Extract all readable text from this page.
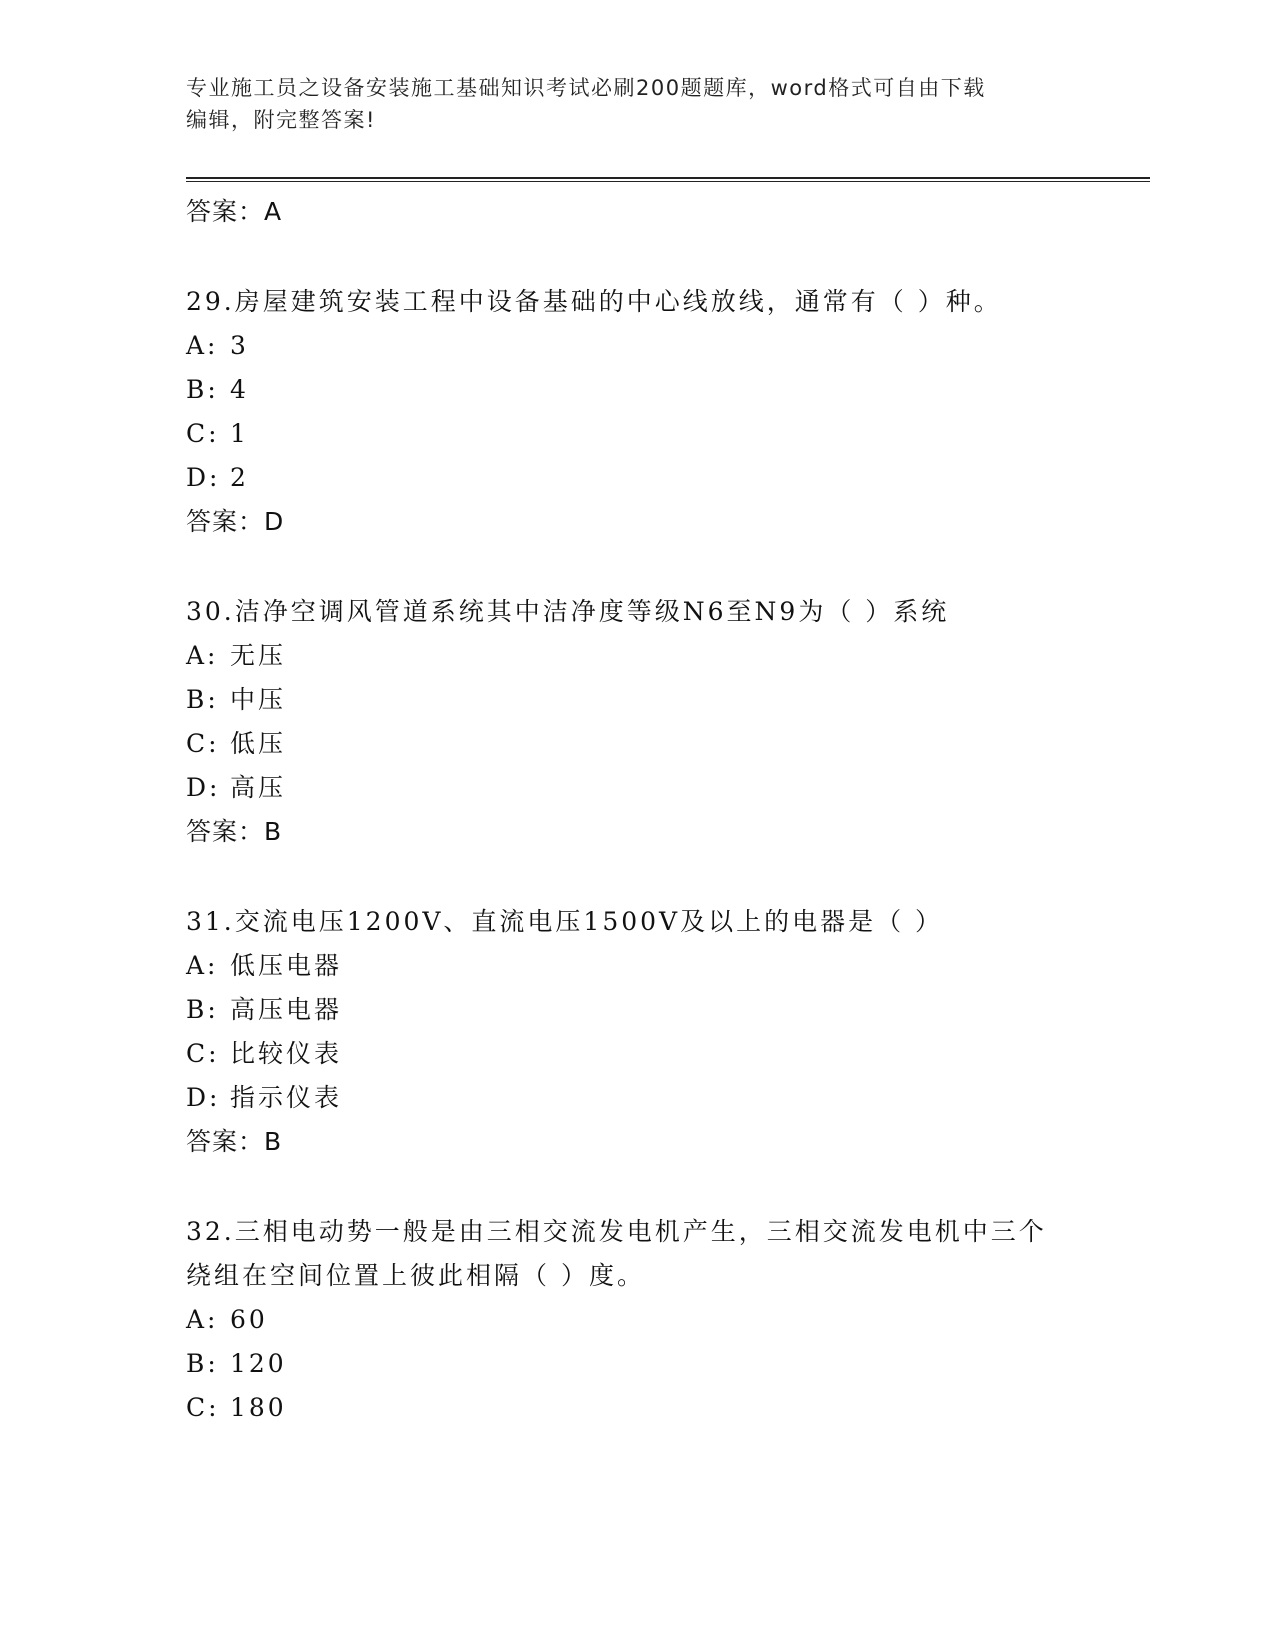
专业施工员之设备安装施工基础知识考试必刷200题题库，word格式可自由下载
编辑，附完整答案!
答案：A
29.房屋建筑安装工程中设备基础的中心线放线，通常有（ ）种。
A: 3
B: 4
C: 1
D: 2
答案：D
30.洁净空调风管道系统其中洁净度等级N6至N9为（ ）系统
A: 无压
B: 中压
C: 低压
D: 高压
答案：B
31.交流电压1200V、直流电压1500V及以上的电器是（ ）
A: 低压电器
B: 高压电器
C: 比较仪表
D: 指示仪表
答案：B
32.三相电动势一般是由三相交流发电机产生，三相交流发电机中三个
绕组在空间位置上彼此相隔（ ）度。
A: 60
B: 120
C: 180
